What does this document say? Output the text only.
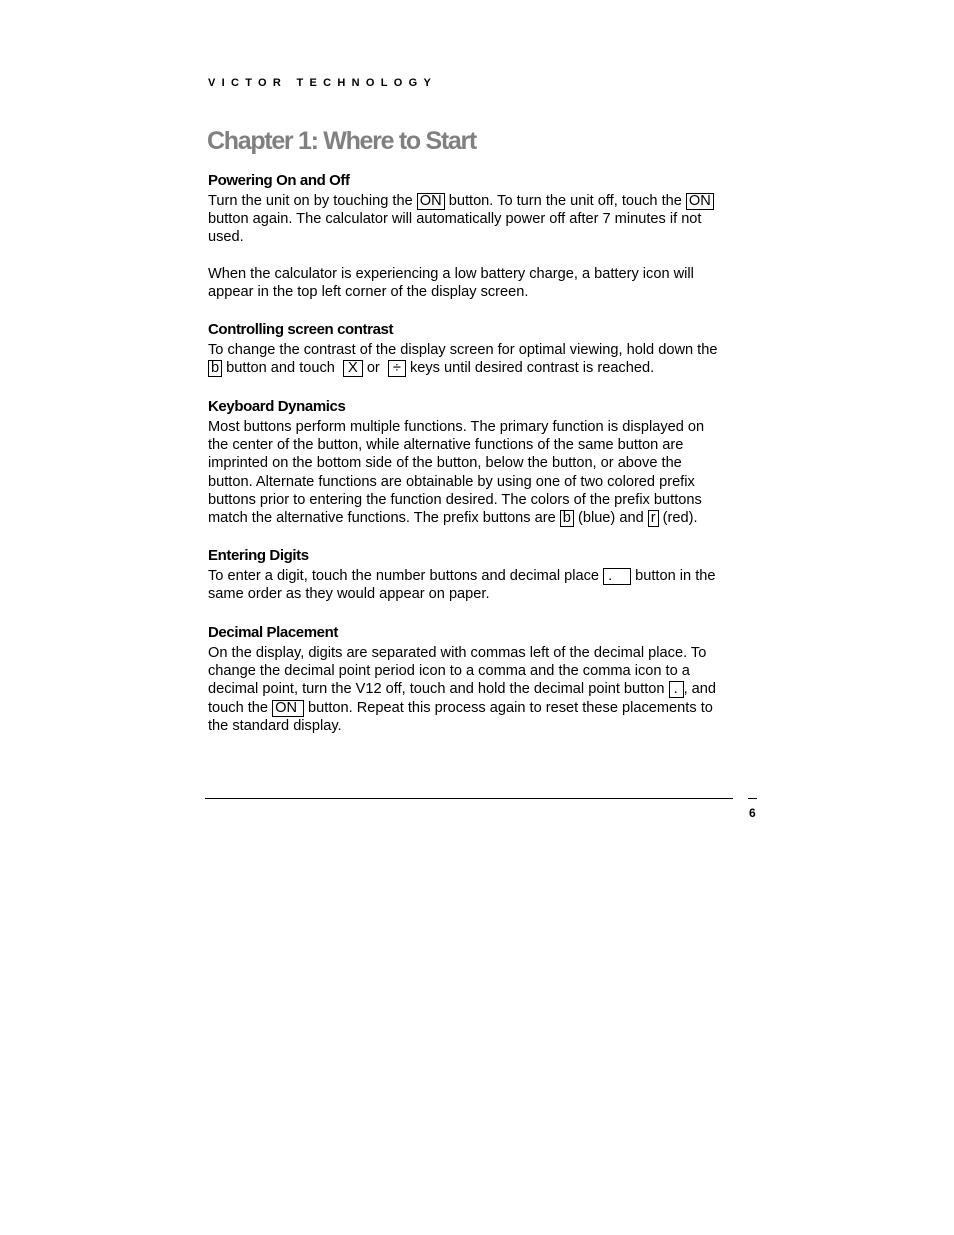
VICTOR TECHNOLOGY
Chapter 1: Where to Start
Powering On and Off
Turn the unit on by touching the ON button. To turn the unit off, touch the ON
button again. The calculator will automatically power off after 7 minutes if not
used.
When the calculator is experiencing a low battery charge, a battery icon will
appear in the top left corner of the display screen.
Controlling screen contrast
To change the contrast of the display screen for optimal viewing, hold down the
b button and touch  X or  ÷ keys until desired contrast is reached.
Keyboard Dynamics
Most buttons perform multiple functions. The primary function is displayed on
the center of the button, while alternative functions of the same button are
imprinted on the bottom side of the button, below the button, or above the
button. Alternate functions are obtainable by using one of two colored prefix
buttons prior to entering the function desired. The colors of the prefix buttons
match the alternative functions. The prefix buttons are b (blue) and r (red).
Entering Digits
To enter a digit, touch the number buttons and decimal place . button in the
same order as they would appear on paper.
Decimal Placement
On the display, digits are separated with commas left of the decimal place. To
change the decimal point period icon to a comma and the comma icon to a
decimal point, turn the V12 off, touch and hold the decimal point button . , and
touch the ON button. Repeat this process again to reset these placements to
the standard display.
6
